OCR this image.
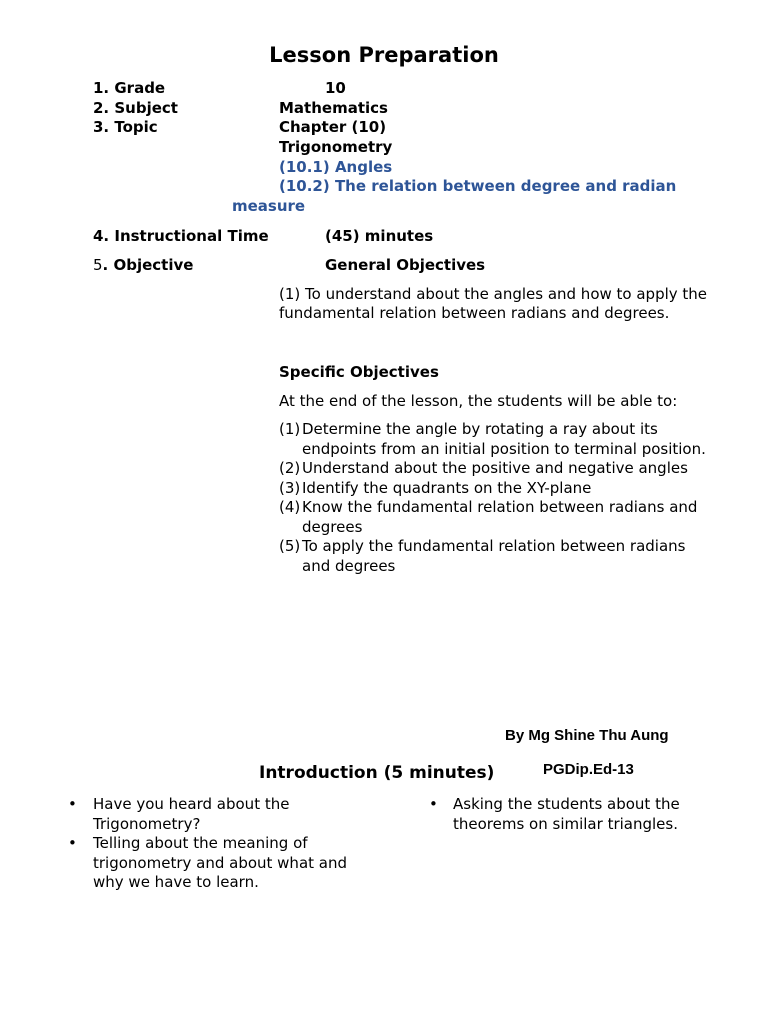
Lesson Preparation
1. Grade	10
2. Subject	Mathematics
3. Topic	Chapter (10)
Trigonometry
(10.1) Angles
(10.2) The relation between degree and radian
measure
4. Instructional Time	(45) minutes
5. Objective	General Objectives
(1) To understand about the angles and how to apply the
fundamental relation between radians and degrees.
Specific Objectives
At the end of the lesson, the students will be able to:
(1) Determine the angle by rotating a ray about its endpoints from an initial position to terminal position.
(2) Understand about the positive and negative angles
(3) Identify the quadrants on the XY-plane
(4) Know the fundamental relation between radians and degrees
(5) To apply the fundamental relation between radians and degrees
By Mg Shine Thu Aung
PGDip.Ed-13
Introduction (5 minutes)
• Have you heard about the Trigonometry?
• Telling about the meaning of trigonometry and about what and why we have to learn.
• Asking the students about the theorems on similar triangles.
